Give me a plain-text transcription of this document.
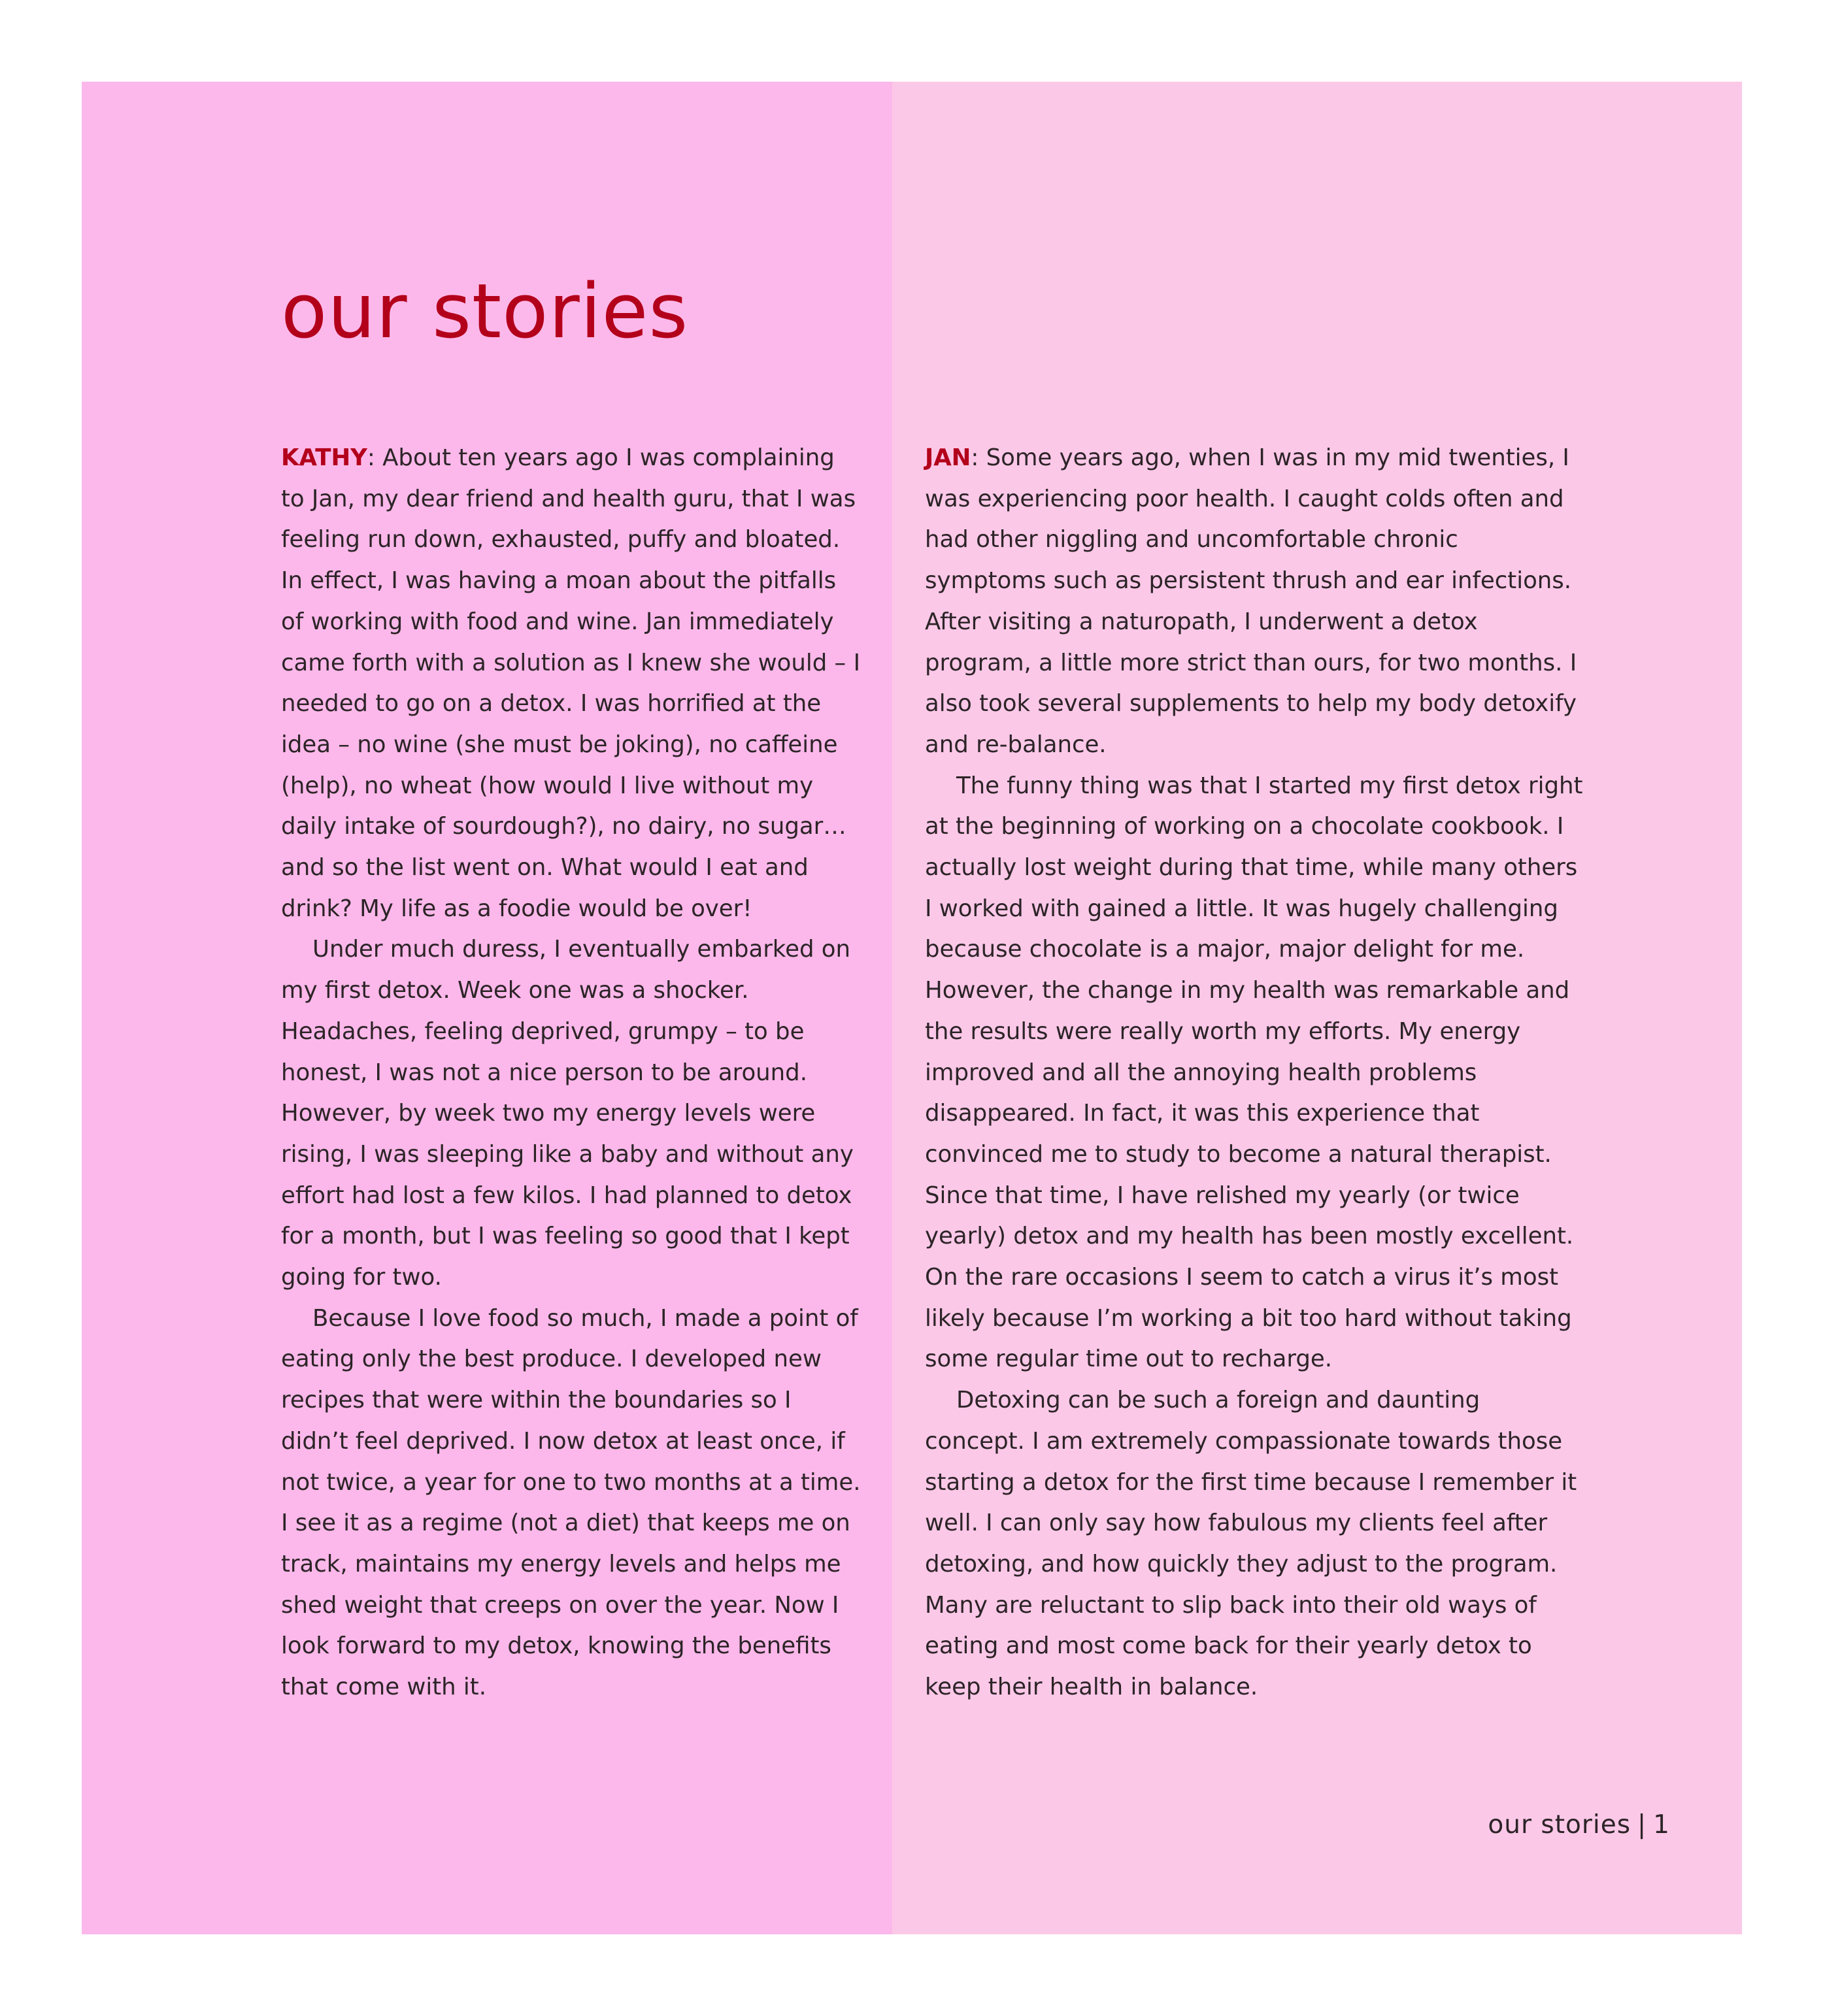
our stories

KATHY: About ten years ago I was complaining to Jan, my dear friend and health guru, that I was feeling run down, exhausted, puffy and bloated. In effect, I was having a moan about the pitfalls of working with food and wine. Jan immediately came forth with a solution as I knew she would – I needed to go on a detox. I was horrified at the idea – no wine (she must be joking), no caffeine (help), no wheat (how would I live without my daily intake of sourdough?), no dairy, no sugar… and so the list went on. What would I eat and drink? My life as a foodie would be over!

Under much duress, I eventually embarked on my first detox. Week one was a shocker. Headaches, feeling deprived, grumpy – to be honest, I was not a nice person to be around. However, by week two my energy levels were rising, I was sleeping like a baby and without any effort had lost a few kilos. I had planned to detox for a month, but I was feeling so good that I kept going for two.

Because I love food so much, I made a point of eating only the best produce. I developed new recipes that were within the boundaries so I didn’t feel deprived. I now detox at least once, if not twice, a year for one to two months at a time. I see it as a regime (not a diet) that keeps me on track, maintains my energy levels and helps me shed weight that creeps on over the year. Now I look forward to my detox, knowing the benefits that come with it.

JAN: Some years ago, when I was in my mid twenties, I was experiencing poor health. I caught colds often and had other niggling and uncomfortable chronic symptoms such as persistent thrush and ear infections. After visiting a naturopath, I underwent a detox program, a little more strict than ours, for two months. I also took several supplements to help my body detoxify and re-balance.

The funny thing was that I started my first detox right at the beginning of working on a chocolate cookbook. I actually lost weight during that time, while many others I worked with gained a little. It was hugely challenging because chocolate is a major, major delight for me. However, the change in my health was remarkable and the results were really worth my efforts. My energy improved and all the annoying health problems disappeared. In fact, it was this experience that convinced me to study to become a natural therapist. Since that time, I have relished my yearly (or twice yearly) detox and my health has been mostly excellent. On the rare occasions I seem to catch a virus it’s most likely because I’m working a bit too hard without taking some regular time out to recharge.

Detoxing can be such a foreign and daunting concept. I am extremely compassionate towards those starting a detox for the first time because I remember it well. I can only say how fabulous my clients feel after detoxing, and how quickly they adjust to the program. Many are reluctant to slip back into their old ways of eating and most come back for their yearly detox to keep their health in balance.

our stories | 1
